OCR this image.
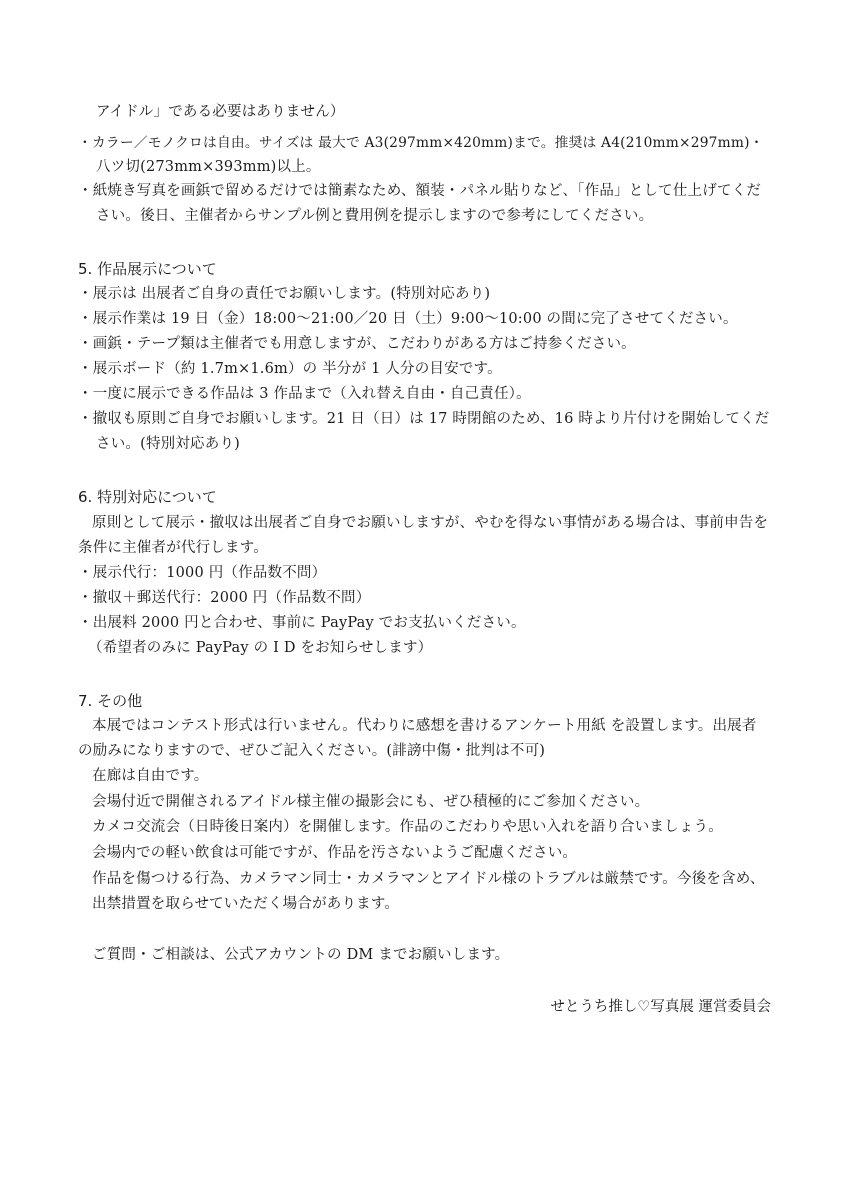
アイドル」である必要はありません）
・カラー／モノクロは自由。サイズは 最大で A3(297mm×420mm)まで。推奨は A4(210mm×297mm)・
八ツ切(273mm×393mm)以上。
・紙焼き写真を画鋲で留めるだけでは簡素なため、額装・パネル貼りなど、「作品」として仕上げてくだ
さい。後日、主催者からサンプル例と費用例を提示しますので参考にしてください。
5. 作品展示について
・展示は 出展者ご自身の責任でお願いします。(特別対応あり)
・展示作業は 19 日（金）18:00〜21:00／20 日（土）9:00〜10:00 の間に完了させてください。
・画鋲・テープ類は主催者でも用意しますが、こだわりがある方はご持参ください。
・展示ボード（約 1.7m×1.6m）の 半分が 1 人分の目安です。
・一度に展示できる作品は 3 作品まで（入れ替え自由・自己責任）。
・撤収も原則ご自身でお願いします。21 日（日）は 17 時閉館のため、16 時より片付けを開始してくだ
さい。(特別対応あり)
6. 特別対応について
原則として展示・撤収は出展者ご自身でお願いしますが、やむを得ない事情がある場合は、事前申告を
条件に主催者が代行します。
・展示代行：1000 円（作品数不問）
・撤収＋郵送代行：2000 円（作品数不問）
・出展料 2000 円と合わせ、事前に PayPay でお支払いください。
（希望者のみに PayPay の I D をお知らせします）
7. その他
本展ではコンテスト形式は行いません。代わりに感想を書けるアンケート用紙 を設置します。出展者
の励みになりますので、ぜひご記入ください。(誹謗中傷・批判は不可)
在廊は自由です。
会場付近で開催されるアイドル様主催の撮影会にも、ぜひ積極的にご参加ください。
カメコ交流会（日時後日案内）を開催します。作品のこだわりや思い入れを語り合いましょう。
会場内での軽い飲食は可能ですが、作品を汚さないようご配慮ください。
作品を傷つける行為、カメラマン同士・カメラマンとアイドル様のトラブルは厳禁です。今後を含め、
出禁措置を取らせていただく場合があります。
ご質問・ご相談は、公式アカウントの DM までお願いします。
せとうち推し♡写真展 運営委員会
